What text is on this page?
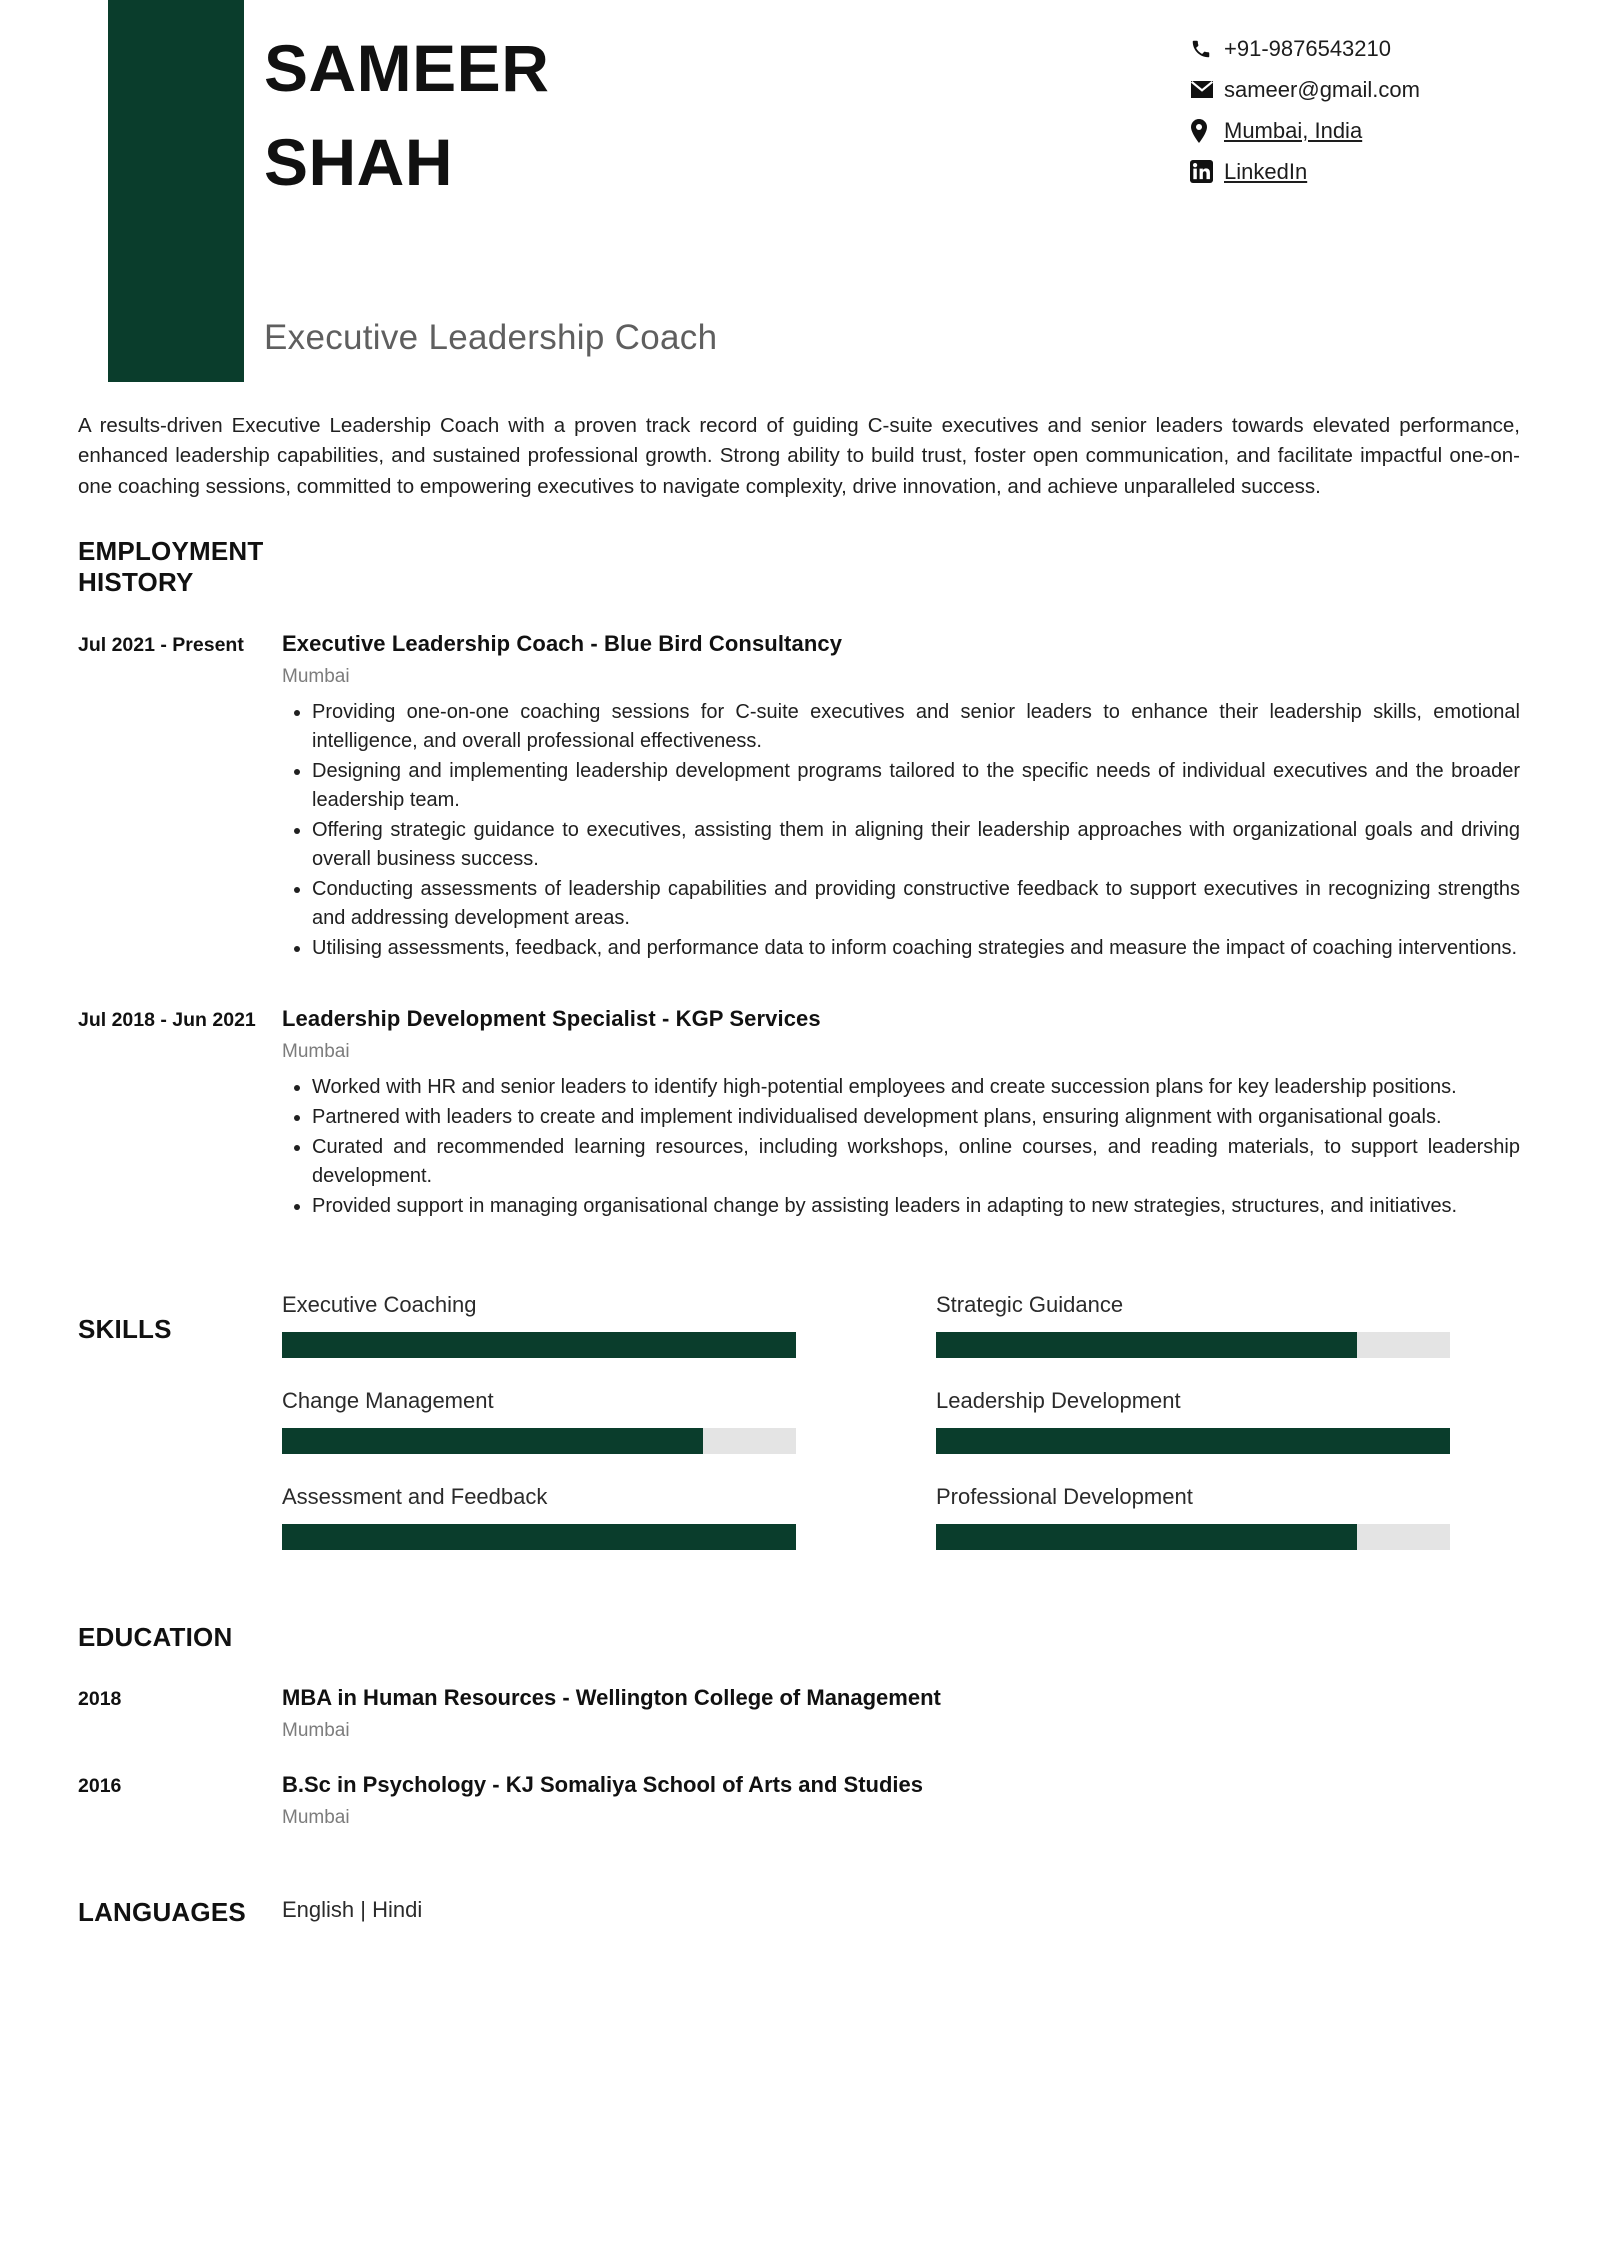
SAMEER
SHAH
Executive Leadership Coach
+91-9876543210
sameer@gmail.com
Mumbai, India
LinkedIn
A results-driven Executive Leadership Coach with a proven track record of guiding C-suite executives and senior leaders towards elevated performance, enhanced leadership capabilities, and sustained professional growth. Strong ability to build trust, foster open communication, and facilitate impactful one-on-one coaching sessions, committed to empowering executives to navigate complexity, drive innovation, and achieve unparalleled success.
EMPLOYMENT
HISTORY
Jul 2021 - Present	Executive Leadership Coach - Blue Bird Consultancy
Mumbai
• Providing one-on-one coaching sessions for C-suite executives and senior leaders to enhance their leadership skills, emotional intelligence, and overall professional effectiveness.
• Designing and implementing leadership development programs tailored to the specific needs of individual executives and the broader leadership team.
• Offering strategic guidance to executives, assisting them in aligning their leadership approaches with organizational goals and driving overall business success.
• Conducting assessments of leadership capabilities and providing constructive feedback to support executives in recognizing strengths and addressing development areas.
• Utilising assessments, feedback, and performance data to inform coaching strategies and measure the impact of coaching interventions.
Jul 2018 - Jun 2021	Leadership Development Specialist - KGP Services
Mumbai
• Worked with HR and senior leaders to identify high-potential employees and create succession plans for key leadership positions.
• Partnered with leaders to create and implement individualised development plans, ensuring alignment with organisational goals.
• Curated and recommended learning resources, including workshops, online courses, and reading materials, to support leadership development.
• Provided support in managing organisational change by assisting leaders in adapting to new strategies, structures, and initiatives.
SKILLS
Executive Coaching	Strategic Guidance
Change Management	Leadership Development
Assessment and Feedback	Professional Development
EDUCATION
2018	MBA in Human Resources - Wellington College of Management
Mumbai
2016	B.Sc in Psychology - KJ Somaliya School of Arts and Studies
Mumbai
LANGUAGES	English | Hindi
